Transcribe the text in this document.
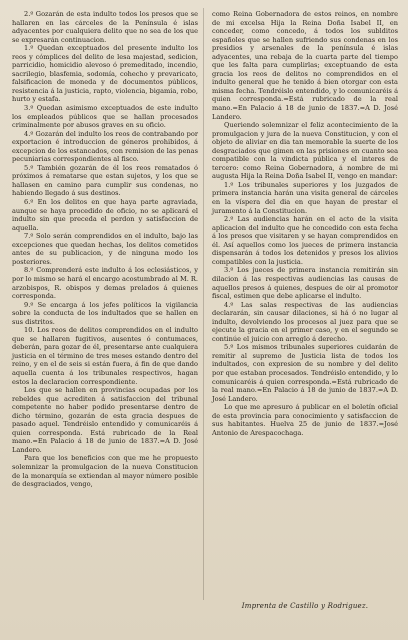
2.º Gozarán de esta indulto todos los presos que se hallaren en las cárceles de la Península é islas adyacentes por cualquiera delito que no sea de los que se expresarán continuacion.

1.º Quedan exceptuados del presente indulto los reos y cómplices del delito de lesa majestad, sedicion, parricidio, homicidio alevoso ó premeditado, incendio, sacrilegio, blasfemia, sodomía, cohecho y prevaricato, falsificacion de moneda y de documentos públicos, resistencia á la justicia, rapto, violencia, bigamia, robo, hurto y estafa.

3.º Quedan asimismo exceptuados de este indulto los empleados públicos que se hallan procesados criminalmente por abusos graves en su oficio.

4.º Gozarán del indulto los reos de contrabando por exportacion é introduccion de géneros prohibidos, á excepcion de los estancados, con remision de las penas pecuniarias correspondientes al fisco.

5.º También gozarán de él los reos rematados ó próximos á rematarse que estan sujetos, y los que se hallasen en camino para cumplir sus condenas, no habiendo llegado á sus destinos.

6.º En los delitos en que haya parte agraviada, aunque se haya procedido de oficio, no se aplicará el indulto sin que preceda el perdon y satisfaccion de aquella.

7.º Solo serán comprendidos en el indulto, bajo las excepciones que quedan hechas, los delitos cometidos antes de su publicacion, y de ninguna modo los posteriores.

8.º Comprenderá este indulto á los eclesiásticos, y por lo mismo se hará el encargo acostumbrado al M. R. arzobispos, R. obispos y demas prelados á quienes corresponda.

9.º Se encarga á los jefes políticos la vigilancia sobre la conducta de los indultados que se hallen en sus distritos.

10. Los reos de delitos comprendidos en el indulto que se hallaren fugitivos, ausentes ó contumaces, deberán, para gozar de él, presentarse ante cualquiera justicia en el término de tres meses estando dentro del reino, y en el de seis si están fuera, á fin de que dando aquella cuenta á los tribunales respectivos, hagan estos la declaracion correspondiente.

Los que se hallen en provincias ocupadas por los rebeldes que acrediten á satisfaccion del tribunal competente no haber podido presentarse dentro de dicho término, gozarán de esta gracia despues de pasado aquel. Tendréislo entendido y comunicaréis á quien corresponda. Está rubricado de la Real mano.=En Palacio á 18 de junio de 1837.=A D. José Landero.

Para que los beneficios con que me he propuesto solemnizar la promulgacion de la nueva Constitucion de la monarquía se extiendan al mayor número posible de desgraciados, vengo,

como Reina Gobernadora de estos reinos, en nombre de mi excelsa Hija la Reina Doña Isabel II, en conceder, como concedo, á todos los sublditos españoles que se hallen sufriendo sus condenas en los presidios y arsenales de la península é islas adyacentes, una rebaja de la cuarta parte del tiempo que les falta para cumplirlas; exceptuando de esta gracia los reos de delitos no comprendidos en el indulto general que he tenido á bien otorgar con esta misma fecha. Tendréislo entendido, y lo comunicaréis á quien corresponda.=Está rubricado de la real mano.=En Palacio á 18 de junio de 1837.=A D. José Landero.

Queriendo solemnizar el feliz acontecimiento de la promulgacion y jura de la nueva Constitucion, y con el objeto de aliviar en dia tan memorable la suerte de los desgraciados que gimen en las prisiones en cuanto sea compatible con la vindicta pública y el interes de tercero: como Reina Gobernadora, á nombre de mi augusta Hija la Reina Doña Isabel II, vengo en mandar:

1.º Los tribunales superiores y los juzgados de primera instancia harán una visita general de cárceles en la víspera del dia en que hayan de prestar el juramento á la Constitucion.

2.º Las audiencias harán en el acto de la visita aplicacion del indulto que he concedido con esta fecha á los presos que visitaren y se hayan comprendidos en él. Así aquellos como los jueces de primera instancia dispensarán á todos los detenidos y presos los alivios compatibles con la justicia.

3.º Los jueces de primera instancia remitirán sin dilacion á las respectivas audiencias las causas de aquellos presos á quienes, despues de oir al promotor fiscal, estimen que debe aplicarse el indulto.

4.º Las salas respectivas de las audiencias declararán, sin causar dilaciones, si há ó no lugar al indulto, devolviendo los procesos al juez para que se ejecute la gracia en el primer caso, y en el segundo se continúe el juicio con arreglo á derecho.

5.º Los mismos tribunales superiores cuidarán de remitir al supremo de Justicia lista de todos los indultados, con expresion de su nombre y del delito por que estaban procesados. Tendréislo entendido, y lo comunicaréis á quien corresponda.=Está rubricado de la real mano.=En Palacio á 18 de junio de 1837.=A D. José Landero.

Lo que me apresuro á publicar en el boletín oficial de esta provincia para conocimiento y satisfaccion de sus habitantes. Huelva 25 de junio de 1837.=José Antonio de Arespacochaga.

Imprenta de Castillo y Rodriguez.
